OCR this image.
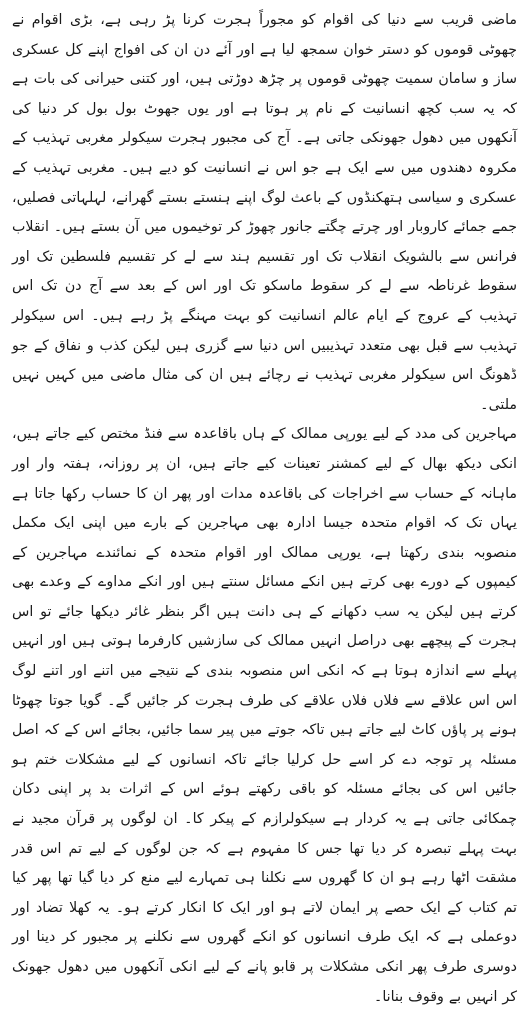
ماضی قریب سے دنیا کی اقوام کو مجوراً ہجرت کرنا پڑ رہی ہے، بڑی اقوام نے چھوٹی قوموں کو دستر خوان سمجھ لیا ہے اور آئے دن ان کی افواج اپنے کل عسکری ساز و سامان سمیت چھوٹی قوموں پر چڑھ دوڑتی ہیں، اور کتنی حیرانی کی بات ہے کہ یہ سب کچھ انسانیت کے نام پر ہوتا ہے اور یوں جھوٹ بول بول کر دنیا کی آنکھوں میں دھول جھونکی جاتی ہے۔ آج کی مجبور ہجرت سیکولر مغربی تہذیب کے مکروہ دھندوں میں سے ایک ہے جو اس نے انسانیت کو دیے ہیں۔ مغربی تہذیب کے عسکری و سیاسی ہتھکنڈوں کے باعث لوگ اپنے ہنستے بستے گھرانے، لہلہاتی فصلیں، جمے جمائے کاروبار اور چرتے چگتے جانور چھوڑ کر توخیموں میں آن بستے ہیں۔ انقلاب فرانس سے بالشویک انقلاب تک اور تقسیم ہند سے لے کر تقسیم فلسطین تک اور سقوط غرناطہ سے لے کر سقوط ماسکو تک اور اس کے بعد سے آج دن تک اس تہذیب کے عروج کے ایام عالم انسانیت کو بہت مہنگے پڑ رہے ہیں۔ اس سیکولر تہذیب سے قبل بھی متعدد تہذیبیں اس دنیا سے گزری ہیں لیکن کذب و نفاق کے جو ڈھونگ اس سیکولر مغربی تہذیب نے رچائے ہیں ان کی مثال ماضی میں کہیں نہیں ملتی۔

مہاجرین کی مدد کے لیے یورپی ممالک کے ہاں باقاعدہ سے فنڈ مختص کیے جاتے ہیں، انکی دیکھ بھال کے لیے کمشنر تعینات کیے جاتے ہیں، ان پر روزانہ، ہفتہ وار اور ماہانہ کے حساب سے اخراجات کی باقاعدہ مدات اور پھر ان کا حساب رکھا جاتا ہے یہاں تک کہ اقوام متحدہ جیسا ادارہ بھی مہاجرین کے بارے میں اپنی ایک مکمل منصوبہ بندی رکھتا ہے، یورپی ممالک اور اقوام متحدہ کے نمائندے مہاجرین کے کیمپوں کے دورے بھی کرتے ہیں انکے مسائل سنتے ہیں اور انکے مداوے کے وعدے بھی کرتے ہیں لیکن یہ سب دکھانے کے ہی دانت ہیں اگر بنظر غائر دیکھا جائے تو اس ہجرت کے پیچھے بھی دراصل انہیں ممالک کی سازشیں کارفرما ہوتی ہیں اور انہیں پہلے سے اندازہ ہوتا ہے کہ انکی اس منصوبہ بندی کے نتیجے میں اتنے اور اتنے لوگ اس اس علاقے سے فلاں فلاں علاقے کی طرف ہجرت کر جائیں گے۔ گویا جوتا چھوٹا ہونے پر پاؤں کاٹ لیے جاتے ہیں تاکہ جوتے میں پیر سما جائیں، بجائے اس کے کہ اصل مسئلہ پر توجہ دے کر اسے حل کرلیا جائے تاکہ انسانوں کے لیے مشکلات ختم ہو جائیں اس کی بجائے مسئلہ کو باقی رکھتے ہوئے اس کے اثرات بد پر اپنی دکان چمکائی جاتی ہے یہ کردار ہے سیکولرازم کے پیکر کا۔ ان لوگوں پر قرآن مجید نے بہت پہلے تبصرہ کر دیا تھا جس کا مفہوم ہے کہ جن لوگوں کے لیے تم اس قدر مشقت اٹھا رہے ہو ان کا گھروں سے نکلنا ہی تمہارے لیے منع کر دیا گیا تھا پھر کیا تم کتاب کے ایک حصے پر ایمان لاتے ہو اور ایک کا انکار کرتے ہو۔ یہ کھلا تضاد اور دوعملی ہے کہ ایک طرف انسانوں کو انکے گھروں سے نکلنے پر مجبور کر دینا اور دوسری طرف پھر انکی مشکلات پر قابو پانے کے لیے انکی آنکھوں میں دھول جھونک کر انہیں بے وقوف بنانا۔
